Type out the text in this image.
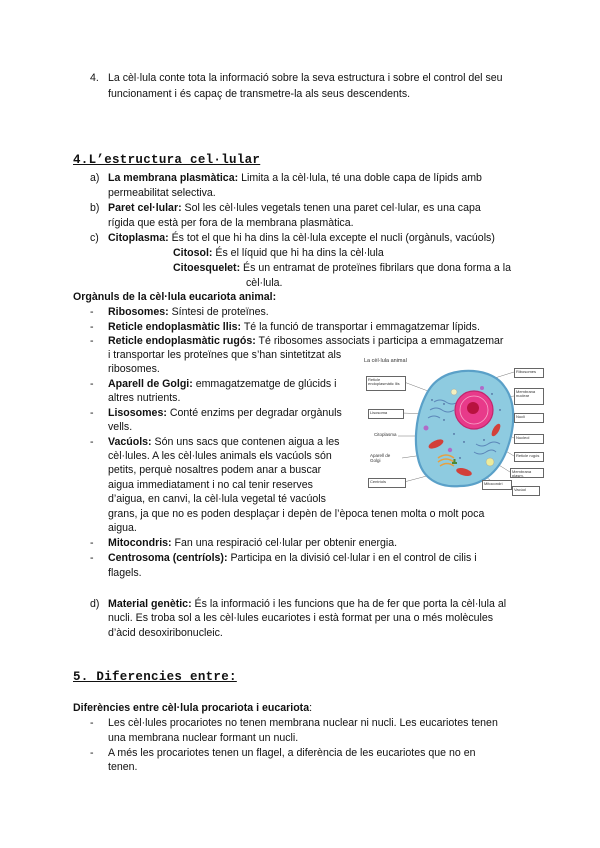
4. La cèl·lula conte tota la informació sobre la seva estructura i sobre el control del seu
funcionament i és capaç de transmetre-la als seus descendents.
4.L’estructura cel·lular
a) La membrana plasmàtica: Limita a la cèl·lula, té una doble capa de lípids amb
permeabilitat selectiva.
b) Paret cel·lular: Sol les cèl·lules vegetals tenen una paret cel·lular, es una capa
rígida que està per fora de la membrana plasmàtica.
c) Citoplasma: És tot el que hi ha dins la cèl·lula excepte el nucli (orgànuls, vacúols)
Citosol: És el líquid que hi ha dins la cèl·lula
Citoesquelet: És un entramat de proteïnes fibrilars que dona forma a la
cèl·lula.
Orgànuls de la cèl·lula eucariota animal:
- Ribosomes: Síntesi de proteïnes.
- Reticle endoplasmàtic llis: Té la funció de transportar i emmagatzemar lípids.
- Reticle endoplasmàtic rugós: Té ribosomes associats i participa a emmagatzemar
i transportar les proteïnes que s’han sintetitzat als
ribosomes.
- Aparell de Golgi: emmagatzematge de glúcids i
altres nutrients.
- Lisosomes: Conté enzims per degradar orgànuls
vells.
- Vacúols: Són uns sacs que contenen aigua a les
cèl·lules. A les cèl·lules animals els vacúols són
petits, perquè nosaltres podem anar a buscar
aigua immediatament i no cal tenir reserves
d’aigua, en canvi, la cèl·lula vegetal té vacúols
grans, ja que no es poden desplaçar i depèn de l’època tenen molta o molt poca
aigua.
- Mitocondris: Fan una respiració cel·lular per obtenir energia.
- Centrosoma (centríols): Participa en la divisió cel·lular i en el control de cilis i
flagels.
d) Material genètic: És la informació i les funcions que ha de fer que porta la cèl·lula al
nucli. Es troba sol a les cèl·lules eucariotes i està format per una o més molècules
d’àcid desoxiribonucleic.
La cèl·lula animal
Reticle endoplasmàtic llis
Lisosoma
Citoplasma
Aparell de Golgi
Centríols
Ribosomes
Membrana nuclear
Nucli
Nucleol
Reticle rugós
Membrana plasm.
Mitocondri
Vacúol
5. Diferencies entre:
Diferències entre cèl·lula procariota i eucariota:
- Les cèl·lules procariotes no tenen membrana nuclear ni nucli. Les eucariotes tenen
una membrana nuclear formant un nucli.
- A més les procariotes tenen un flagel, a diferència de les eucariotes que no en
tenen.
